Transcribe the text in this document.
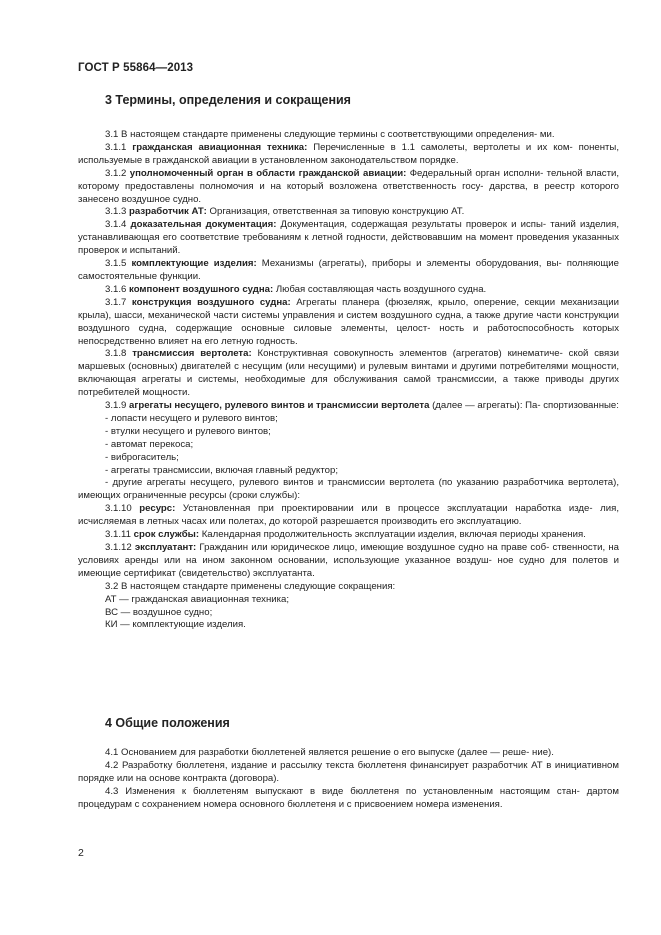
ГОСТ Р 55864—2013
3 Термины, определения и сокращения

3.1 В настоящем стандарте применены следующие термины с соответствующими определения- ми.

3.1.1 гражданская авиационная техника: Перечисленные в 1.1 самолеты, вертолеты и их ком- поненты, используемые в гражданской авиации в установленном законодательством порядке.

3.1.2 уполномоченный орган в области гражданской авиации: Федеральный орган исполни- тельной власти, которому предоставлены полномочия и на который возложена ответственность госу- дарства, в реестр которого занесено воздушное судно.

3.1.3 разработчик АТ: Организация, ответственная за типовую конструкцию АТ.

3.1.4 доказательная документация: Документация, содержащая результаты проверок и испы- таний изделия, устанавливающая его соответствие требованиям к летной годности, действовавшим на момент проведения указанных проверок и испытаний.

3.1.5 комплектующие изделия: Механизмы (агрегаты), приборы и элементы оборудования, вы- полняющие самостоятельные функции.

3.1.6 компонент воздушного судна: Любая составляющая часть воздушного судна.

3.1.7 конструкция воздушного судна: Агрегаты планера (фюзеляж, крыло, оперение, секции механизации крыла), шасси, механической части системы управления и систем воздушного судна, а также другие части конструкции воздушного судна, содержащие основные силовые элементы, целост- ность и работоспособность которых непосредственно влияет на его летную годность.

3.1.8 трансмиссия вертолета: Конструктивная совокупность элементов (агрегатов) кинематиче- ской связи маршевых (основных) двигателей с несущим (или несущими) и рулевым винтами и другими потребителями мощности, включающая агрегаты и системы, необходимые для обслуживания самой трансмиссии, а также приводы других потребителей мощности.

3.1.9 агрегаты несущего, рулевого винтов и трансмиссии вертолета (далее — агрегаты): Па- спортизованные:

- лопасти несущего и рулевого винтов;

- втулки несущего и рулевого винтов;

- автомат перекоса;

- виброгаситель;

- агрегаты трансмиссии, включая главный редуктор;

- другие агрегаты несущего, рулевого винтов и трансмиссии вертолета (по указанию разработчика вертолета), имеющих ограниченные ресурсы (сроки службы):

3.1.10 ресурс: Установленная при проектировании или в процессе эксплуатации наработка изде- лия, исчисляемая в летных часах или полетах, до которой разрешается производить его эксплуатацию.

3.1.11 срок службы: Календарная продолжительность эксплуатации изделия, включая периоды хранения.

3.1.12 эксплуатант: Гражданин или юридическое лицо, имеющие воздушное судно на праве соб- ственности, на условиях аренды или на ином законном основании, использующие указанное воздуш- ное судно для полетов и имеющие сертификат (свидетельство) эксплуатанта.

3.2 В настоящем стандарте применены следующие сокращения:

АТ — гражданская авиационная техника;

ВС — воздушное судно;

КИ — комплектующие изделия.

4 Общие положения

4.1 Основанием для разработки бюллетеней является решение о его выпуске (далее — реше- ние).

4.2 Разработку бюллетеня, издание и рассылку текста бюллетеня финансирует разработчик АТ в инициативном порядке или на основе контракта (договора).

4.3 Изменения к бюллетеням выпускают в виде бюллетеня по установленным настоящим стан- дартом процедурам с сохранением номера основного бюллетеня и с присвоением номера изменения.

2
